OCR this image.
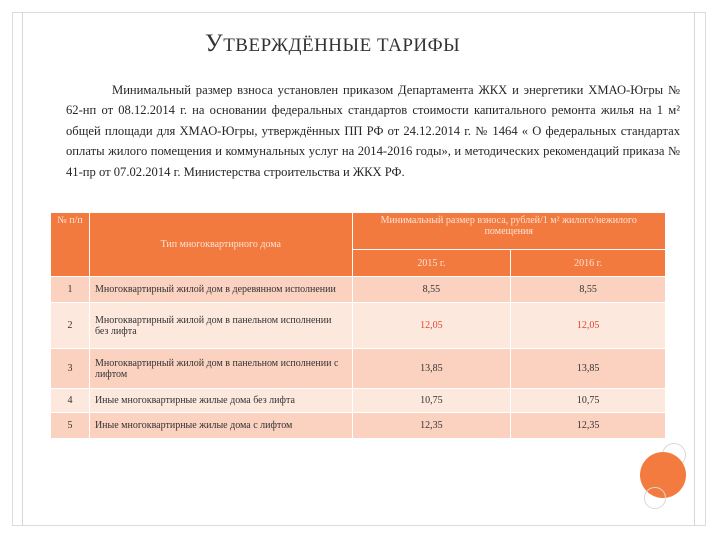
УТВЕРЖДЁННЫЕ ТАРИФЫ
Минимальный размер взноса установлен приказом Департамента ЖКХ и энергетики ХМАО-Югры № 62-нп от 08.12.2014 г. на основании федеральных стандартов стоимости капитального ремонта жилья на 1 м² общей площади для ХМАО-Югры, утверждённых ПП РФ от 24.12.2014 г. № 1464 « О федеральных стандартах оплаты жилого помещения и коммунальных услуг на 2014-2016 годы», и методических рекомендаций приказа № 41-пр от 07.02.2014 г. Министерства строительства и ЖКХ РФ.
№ п/п	Тип многоквартирного дома	Минимальный размер взноса, рублей/1 м² жилого/нежилого помещения	
		2015 г.	2016 г.
1	Многоквартирный жилой дом в деревянном исполнении	8,55	8,55
2	Многоквартирный жилой дом в панельном исполнении без лифта	12,05	12,05
3	Многоквартирный жилой дом в панельном исполнении с лифтом	13,85	13,85
4	Иные многоквартирные жилые дома без лифта	10,75	10,75
5	Иные многоквартирные жилые дома с лифтом	12,35	12,35
